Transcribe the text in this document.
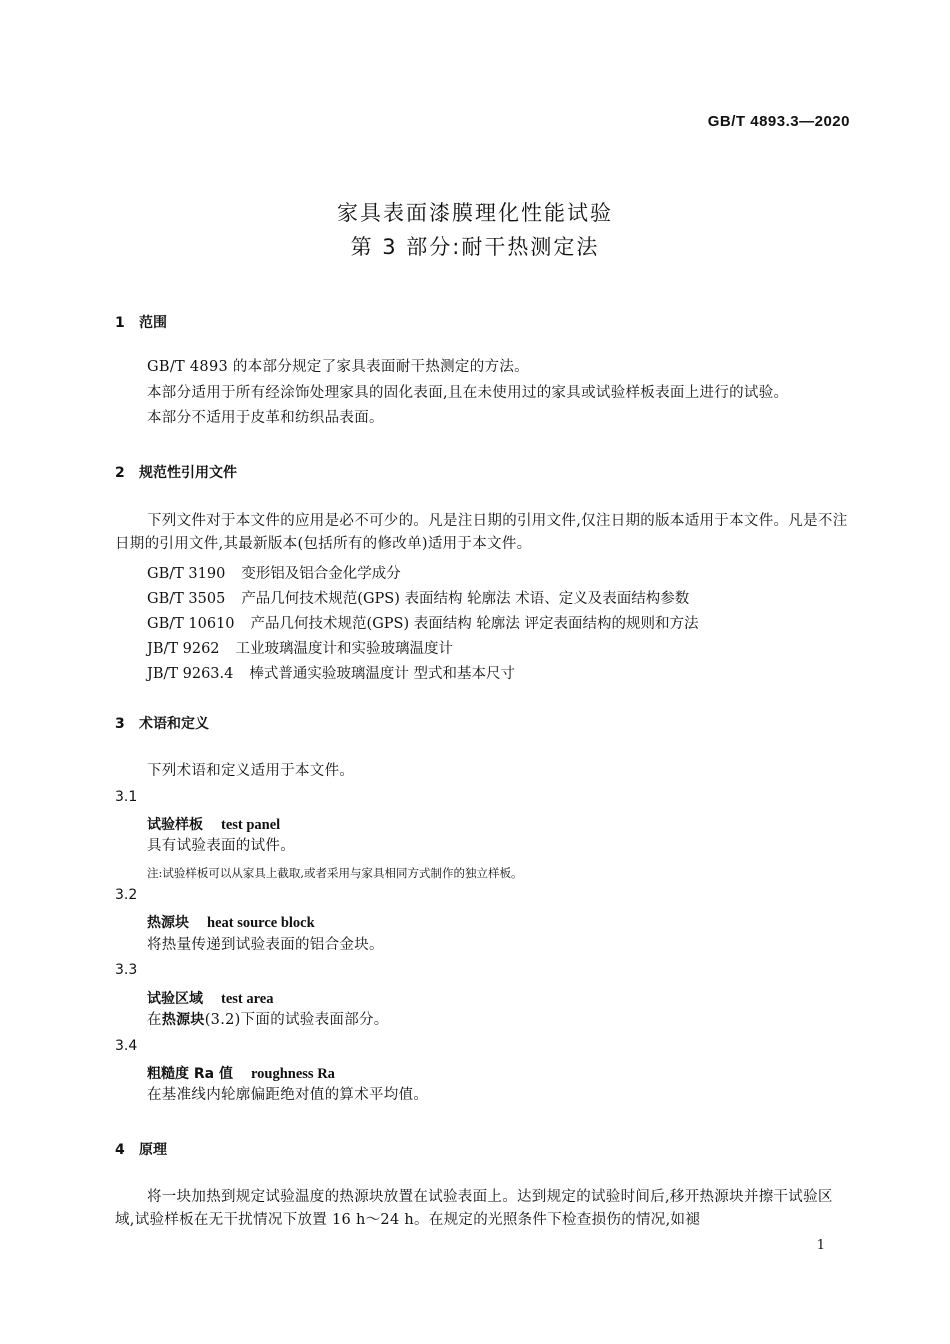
GB/T 4893.3—2020
家具表面漆膜理化性能试验
第 3 部分:耐干热测定法
1 范围
GB/T 4893 的本部分规定了家具表面耐干热测定的方法。
本部分适用于所有经涂饰处理家具的固化表面,且在未使用过的家具或试验样板表面上进行的试验。
本部分不适用于皮革和纺织品表面。
2 规范性引用文件
下列文件对于本文件的应用是必不可少的。凡是注日期的引用文件,仅注日期的版本适用于本文件。凡是不注日期的引用文件,其最新版本(包括所有的修改单)适用于本文件。
GB/T 3190 变形铝及铝合金化学成分
GB/T 3505 产品几何技术规范(GPS) 表面结构 轮廓法 术语、定义及表面结构参数
GB/T 10610 产品几何技术规范(GPS) 表面结构 轮廓法 评定表面结构的规则和方法
JB/T 9262 工业玻璃温度计和实验玻璃温度计
JB/T 9263.4 棒式普通实验玻璃温度计 型式和基本尺寸
3 术语和定义
下列术语和定义适用于本文件。
3.1
试验样板 test panel
具有试验表面的试件。
注:试验样板可以从家具上截取,或者采用与家具相同方式制作的独立样板。
3.2
热源块 heat source block
将热量传递到试验表面的铝合金块。
3.3
试验区域 test area
在热源块(3.2)下面的试验表面部分。
3.4
粗糙度 Ra 值 roughness Ra
在基准线内轮廓偏距绝对值的算术平均值。
4 原理
将一块加热到规定试验温度的热源块放置在试验表面上。达到规定的试验时间后,移开热源块并擦干试验区域,试验样板在无干扰情况下放置 16 h～24 h。在规定的光照条件下检查损伤的情况,如褪
1
